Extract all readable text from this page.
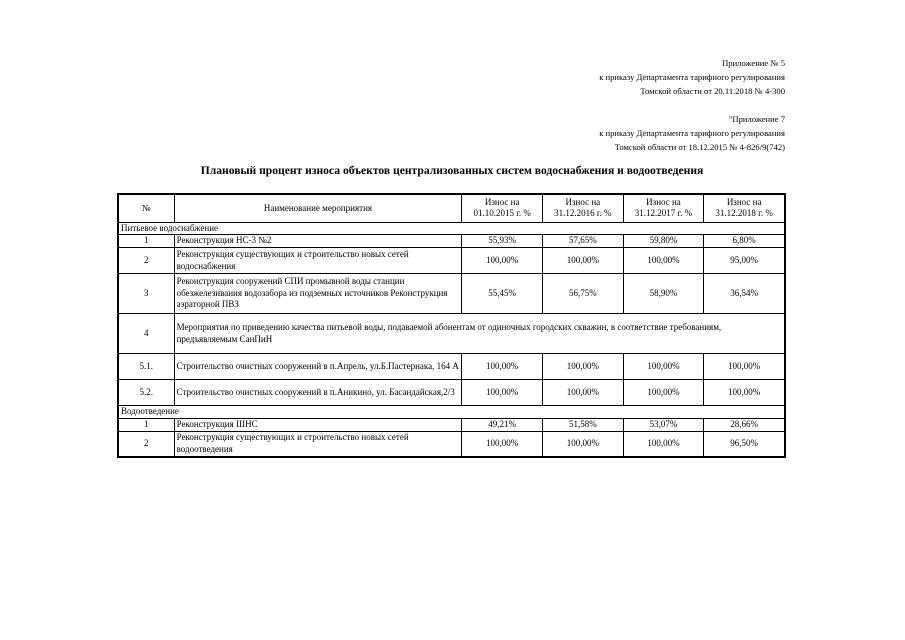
Приложение № 5
к приказу Департамента тарифного регулирования
Томской области от 20.11.2018 № 4-300
"Приложение 7
к приказу Департамента тарифного регулирования
Томской области от 18.12.2015 № 4-826/9(742)
Плановый процент износа объектов централизованных систем водоснабжения и водоотведения
№	Наименование мероприятия	Износ на 01.10.2015 г. %	Износ на 31.12.2016 г. %	Износ на 31.12.2017 г. %	Износ на 31.12.2018 г. %
Питьевое водоснабжение					
1	Реконструкция НС-3 №2	55,93%	57,65%	59,80%	6,80%
2	Реконструкция существующих и строительство новых сетей водоснабжения	100,00%	100,00%	100,00%	95,00%
3	Реконструкция сооружений СПИ промывной воды станции обезжелезивания водозабора из подземных источников Реконструкция аэраторной ПВЗ	55,45%	56,75%	58,90%	36,54%
4	Мероприятия по приведению качества питьевой воды, подаваемой абонентам от одиночных городских скважин, в соответствие требованиям, предъявляемым СанПиН				
5.1.	Строительство очистных сооружений в п.Апрель, ул.Б.Пастернака, 164 А	100,00%	100,00%	100,00%	100,00%
5.2.	Строительство очистных сооружений в п.Аникино, ул. Басандайская,2/3	100,00%	100,00%	100,00%	100,00%
Водоотведение					
1	Реконструкция ШНС	49,21%	51,58%	53,07%	28,66%
2	Реконструкция существующих и строительство новых сетей водоотведения	100,00%	100,00%	100,00%	96,50%
